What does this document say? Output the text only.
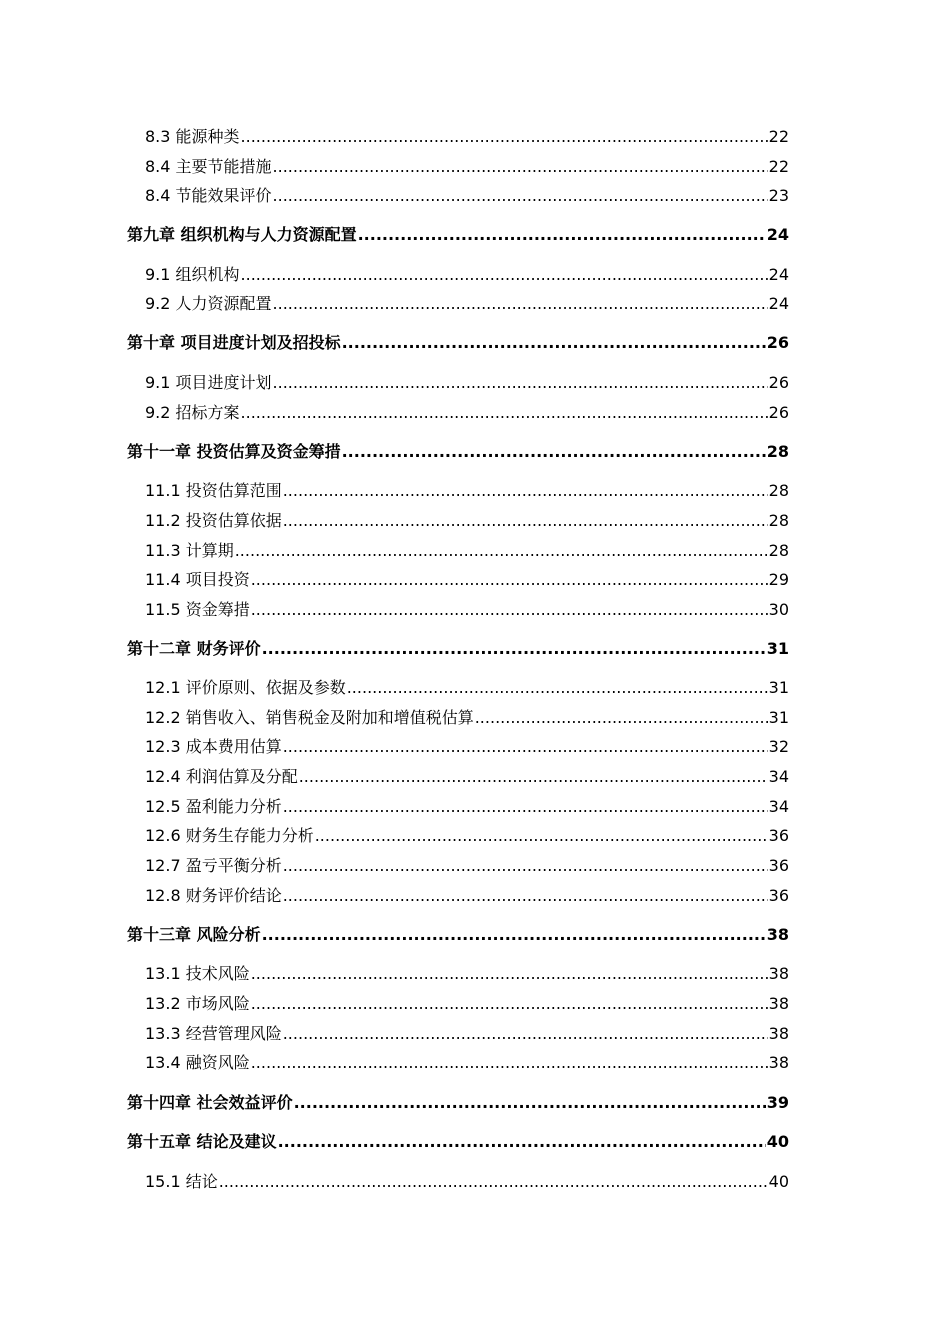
8.3 能源种类 .....	22
8.4 主要节能措施 .....	22
8.4 节能效果评价 .....	23
第九章 组织机构与人力资源配置 .....	24
9.1 组织机构 .....	24
9.2 人力资源配置 .....	24
第十章 项目进度计划及招投标 .....	26
9.1 项目进度计划 .....	26
9.2 招标方案 .....	26
第十一章 投资估算及资金筹措 .....	28
11.1 投资估算范围 .....	28
11.2 投资估算依据 .....	28
11.3 计算期 .....	28
11.4 项目投资 .....	29
11.5 资金筹措 .....	30
第十二章 财务评价 .....	31
12.1 评价原则、依据及参数 .....	31
12.2 销售收入、销售税金及附加和增值税估算 .....	31
12.3 成本费用估算 .....	32
12.4 利润估算及分配 .....	34
12.5 盈利能力分析 .....	34
12.6 财务生存能力分析 .....	36
12.7 盈亏平衡分析 .....	36
12.8 财务评价结论 .....	36
第十三章 风险分析 .....	38
13.1 技术风险 .....	38
13.2 市场风险 .....	38
13.3 经营管理风险 .....	38
13.4 融资风险 .....	38
第十四章 社会效益评价 .....	39
第十五章 结论及建议 .....	40
15.1 结论 .....	40
